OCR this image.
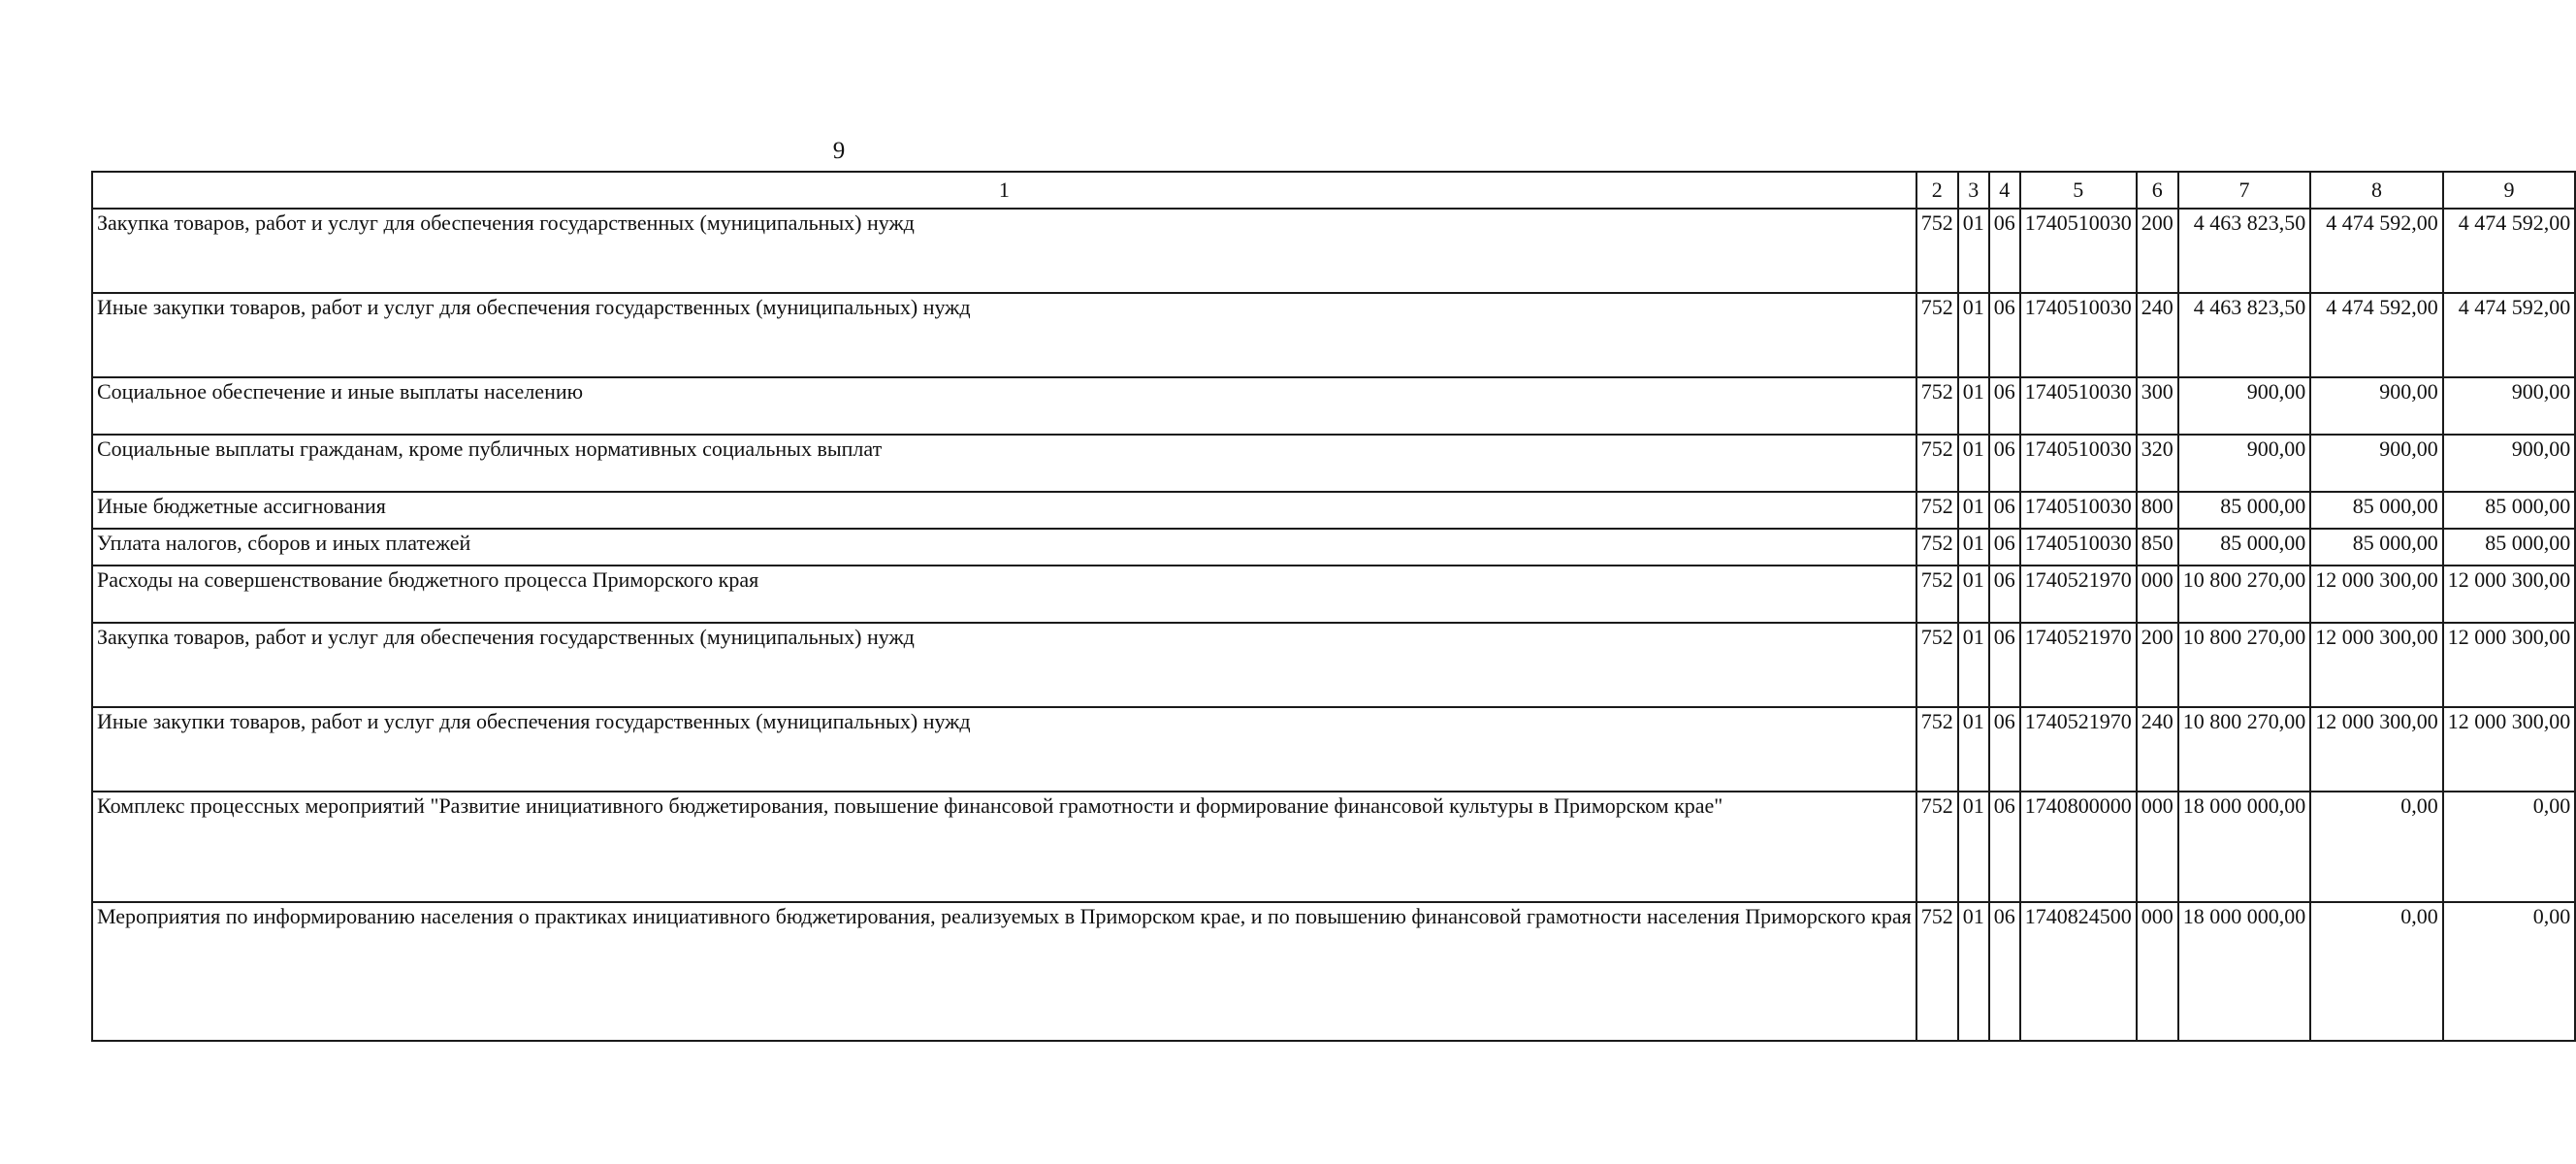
9
1	2	3	4	5	6	7	8	9
Закупка товаров, работ и услуг для обеспечения государственных (муниципальных) нужд	752	01	06	1740510030	200	4 463 823,50	4 474 592,00	4 474 592,00
Иные закупки товаров, работ и услуг для обеспечения государственных (муниципальных) нужд	752	01	06	1740510030	240	4 463 823,50	4 474 592,00	4 474 592,00
Социальное обеспечение и иные выплаты населению	752	01	06	1740510030	300	900,00	900,00	900,00
Социальные выплаты гражданам, кроме публичных нормативных социальных выплат	752	01	06	1740510030	320	900,00	900,00	900,00
Иные бюджетные ассигнования	752	01	06	1740510030	800	85 000,00	85 000,00	85 000,00
Уплата налогов, сборов и иных платежей	752	01	06	1740510030	850	85 000,00	85 000,00	85 000,00
Расходы на совершенствование бюджетного процесса Приморского края	752	01	06	1740521970	000	10 800 270,00	12 000 300,00	12 000 300,00
Закупка товаров, работ и услуг для обеспечения государственных (муниципальных) нужд	752	01	06	1740521970	200	10 800 270,00	12 000 300,00	12 000 300,00
Иные закупки товаров, работ и услуг для обеспечения государственных (муниципальных) нужд	752	01	06	1740521970	240	10 800 270,00	12 000 300,00	12 000 300,00
Комплекс процессных мероприятий "Развитие инициативного бюджетирования, повышение финансовой грамотности и формирование финансовой культуры в Приморском крае"	752	01	06	1740800000	000	18 000 000,00	0,00	0,00
Мероприятия по информированию населения о практиках инициативного бюджетирования, реализуемых в Приморском крае, и по повышению финансовой грамотности населения Приморского края	752	01	06	1740824500	000	18 000 000,00	0,00	0,00
